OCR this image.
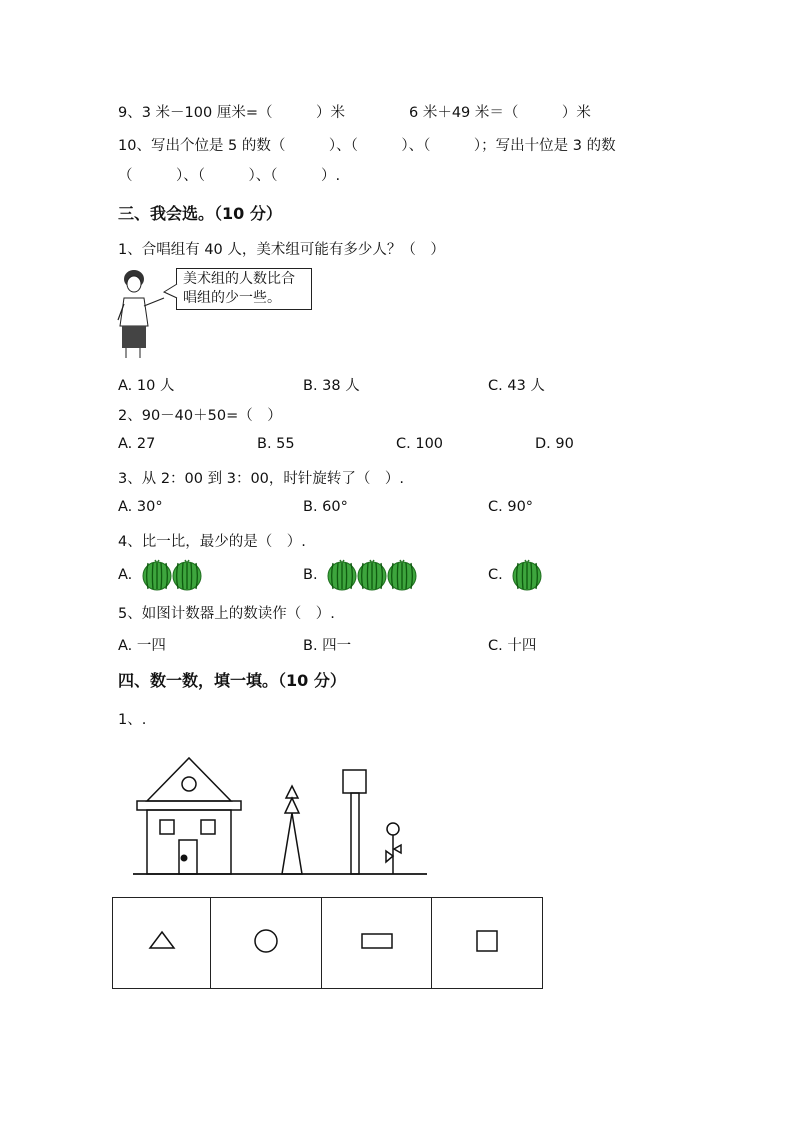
9、3 米－100 厘米=（　　　）米	6 米＋49 米＝（　　　）米
10、写出个位是 5 的数（　　　）、（　　　）、（　　　）；写出十位是 3 的数
（　　　）、（　　　）、（　　　）.
三、我会选。（10 分）
1、合唱组有 40 人，美术组可能有多少人？（　）
美术组的人数比合
唱组的少一些。
A. 10 人	B. 38 人	C. 43 人
2、90－40＋50=（　）
A. 27	B. 55	C. 100	D. 90
3、从 2：00 到 3：00，时针旋转了（　）.
A. 30°	B. 60°	C. 90°
4、比一比，最少的是（　）.
A.	B.	C.
5、如图计数器上的数读作（　）.
A. 一四	B. 四一	C. 十四
四、数一数，填一填。（10 分）
1、.
